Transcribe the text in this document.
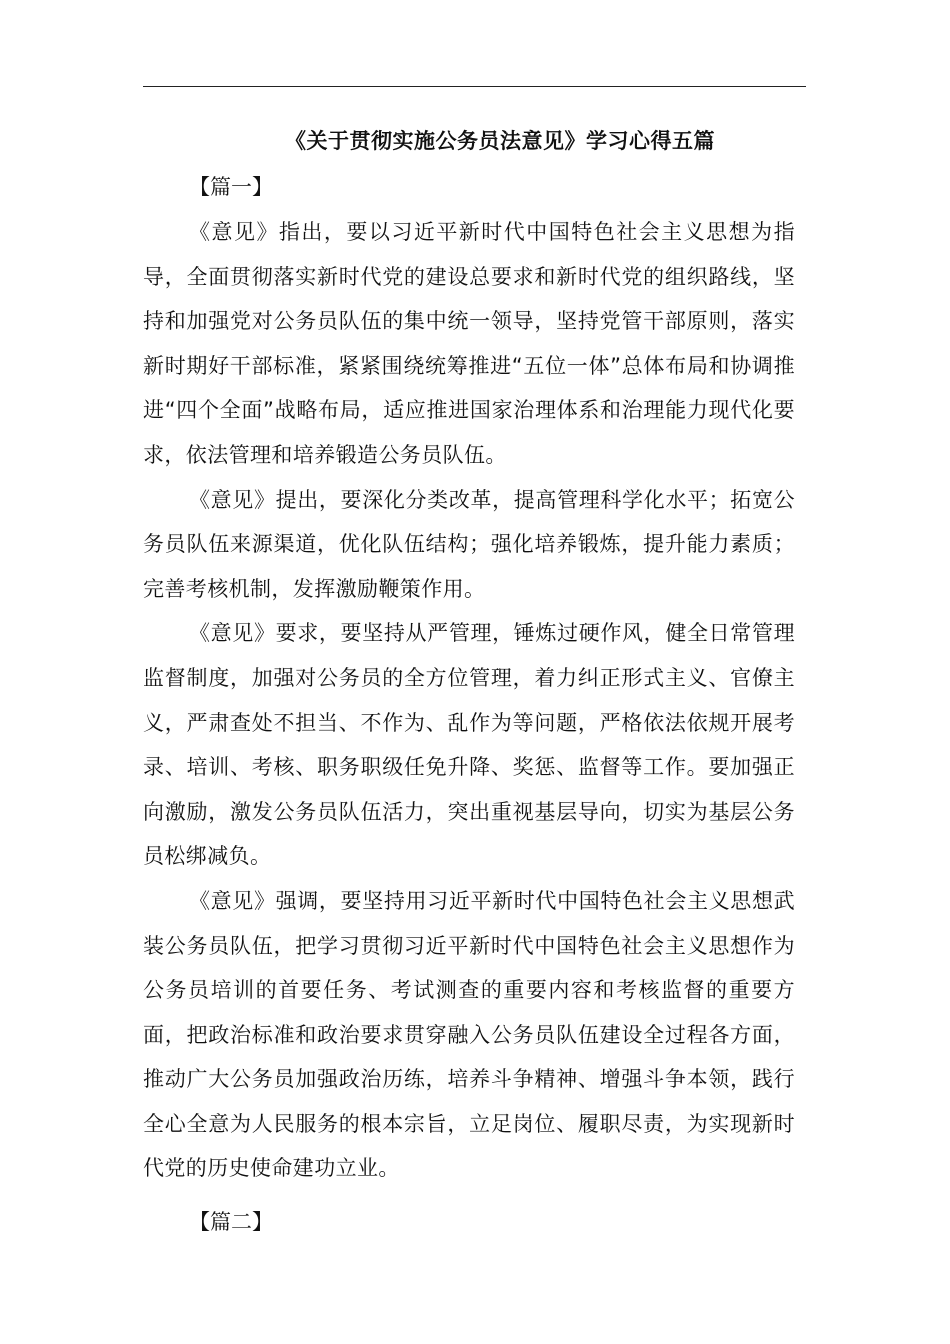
《关于贯彻实施公务员法意见》学习心得五篇

【篇一】

《意见》指出，要以习近平新时代中国特色社会主义思想为指导，全面贯彻落实新时代党的建设总要求和新时代党的组织路线，坚持和加强党对公务员队伍的集中统一领导，坚持党管干部原则，落实新时期好干部标准，紧紧围绕统筹推进“五位一体”总体布局和协调推进“四个全面”战略布局，适应推进国家治理体系和治理能力现代化要求，依法管理和培养锻造公务员队伍。

《意见》提出，要深化分类改革，提高管理科学化水平；拓宽公务员队伍来源渠道，优化队伍结构；强化培养锻炼，提升能力素质；完善考核机制，发挥激励鞭策作用。

《意见》要求，要坚持从严管理，锤炼过硬作风，健全日常管理监督制度，加强对公务员的全方位管理，着力纠正形式主义、官僚主义，严肃查处不担当、不作为、乱作为等问题，严格依法依规开展考录、培训、考核、职务职级任免升降、奖惩、监督等工作。要加强正向激励，激发公务员队伍活力，突出重视基层导向，切实为基层公务员松绑减负。

《意见》强调，要坚持用习近平新时代中国特色社会主义思想武装公务员队伍，把学习贯彻习近平新时代中国特色社会主义思想作为公务员培训的首要任务、考试测查的重要内容和考核监督的重要方面，把政治标准和政治要求贯穿融入公务员队伍建设全过程各方面，推动广大公务员加强政治历练，培养斗争精神、增强斗争本领，践行全心全意为人民服务的根本宗旨，立足岗位、履职尽责，为实现新时代党的历史使命建功立业。

【篇二】
